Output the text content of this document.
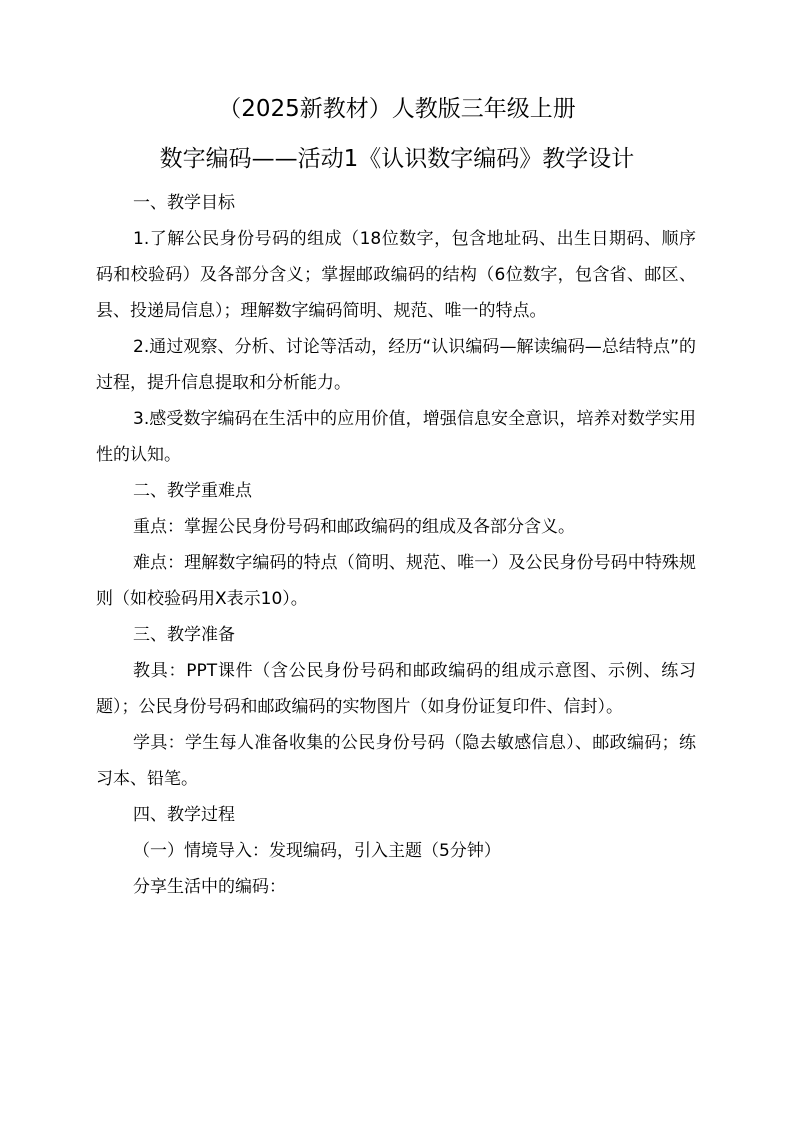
（2025新教材）人教版三年级上册
数字编码——活动1《认识数字编码》教学设计
一、教学目标

1.了解公民身份号码的组成（18位数字，包含地址码、出生日期码、顺序码和校验码）及各部分含义；掌握邮政编码的结构（6位数字，包含省、邮区、县、投递局信息）；理解数字编码简明、规范、唯一的特点。

2.通过观察、分析、讨论等活动，经历“认识编码—解读编码—总结特点”的过程，提升信息提取和分析能力。

3.感受数字编码在生活中的应用价值，增强信息安全意识，培养对数学实用性的认知。

二、教学重难点

重点：掌握公民身份号码和邮政编码的组成及各部分含义。

难点：理解数字编码的特点（简明、规范、唯一）及公民身份号码中特殊规则（如校验码用X表示10）。

三、教学准备

教具：PPT课件（含公民身份号码和邮政编码的组成示意图、示例、练习题）；公民身份号码和邮政编码的实物图片（如身份证复印件、信封）。

学具：学生每人准备收集的公民身份号码（隐去敏感信息）、邮政编码；练习本、铅笔。

四、教学过程

（一）情境导入：发现编码，引入主题（5分钟）

分享生活中的编码：
